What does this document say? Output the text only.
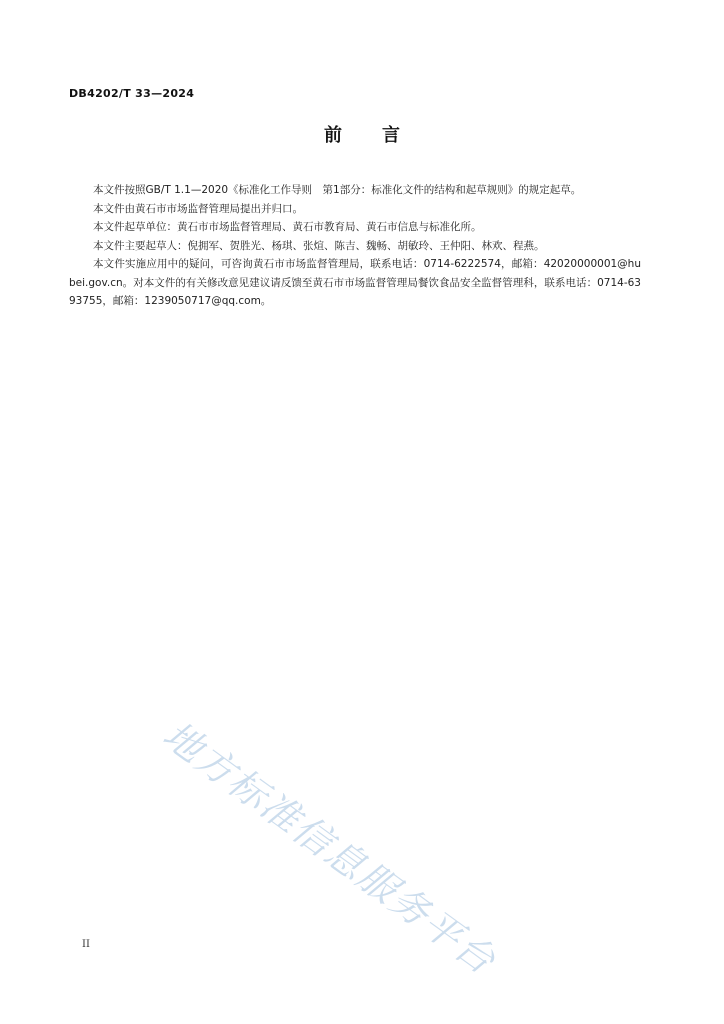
DB4202/T 33—2024
前言

本文件按照GB/T 1.1—2020《标准化工作导则　第1部分：标准化文件的结构和起草规则》的规定起草。

本文件由黄石市市场监督管理局提出并归口。

本文件起草单位：黄石市市场监督管理局、黄石市教育局、黄石市信息与标准化所。

本文件主要起草人：倪拥军、贺胜光、杨琪、张煊、陈吉、魏畅、胡敏玲、王仲阳、林欢、程燕。

本文件实施应用中的疑问，可咨询黄石市市场监督管理局，联系电话：0714-6222574，邮箱：42020000001@hubei.gov.cn。对本文件的有关修改意见建议请反馈至黄石市市场监督管理局餐饮食品安全监督管理科，联系电话：0714-6393755，邮箱：1239050717@qq.com。

地方标准信息服务平台
II
